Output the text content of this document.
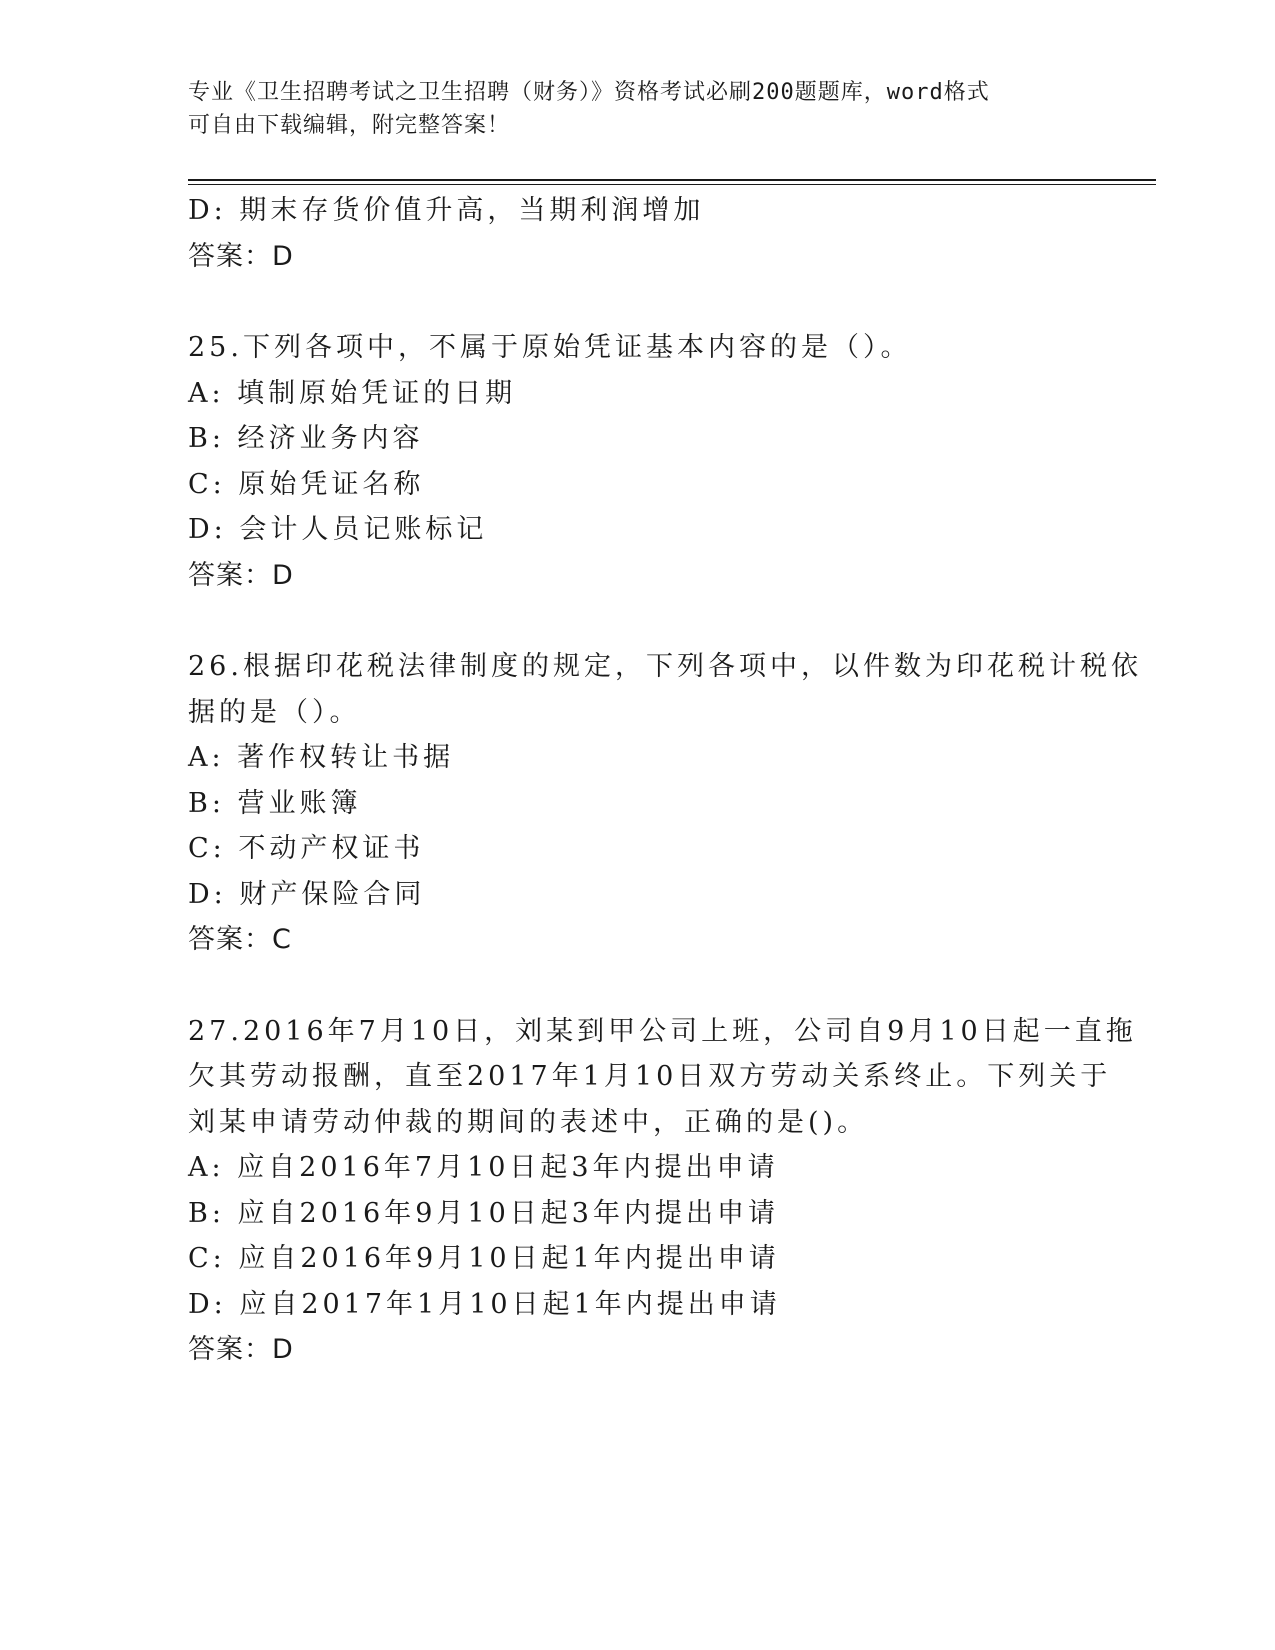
专业《卫生招聘考试之卫生招聘（财务）》资格考试必刷200题题库，word格式
可自由下载编辑，附完整答案！
D: 期末存货价值升高，当期利润增加
答案：D
25.下列各项中，不属于原始凭证基本内容的是（）。
A: 填制原始凭证的日期
B: 经济业务内容
C: 原始凭证名称
D: 会计人员记账标记
答案：D
26.根据印花税法律制度的规定，下列各项中，以件数为印花税计税依
据的是（）。
A: 著作权转让书据
B: 营业账簿
C: 不动产权证书
D: 财产保险合同
答案：C
27.2016年7月10日，刘某到甲公司上班，公司自9月10日起一直拖
欠其劳动报酬，直至2017年1月10日双方劳动关系终止。下列关于
刘某申请劳动仲裁的期间的表述中，正确的是()。
A: 应自2016年7月10日起3年内提出申请
B: 应自2016年9月10日起3年内提出申请
C: 应自2016年9月10日起1年内提出申请
D: 应自2017年1月10日起1年内提出申请
答案：D
